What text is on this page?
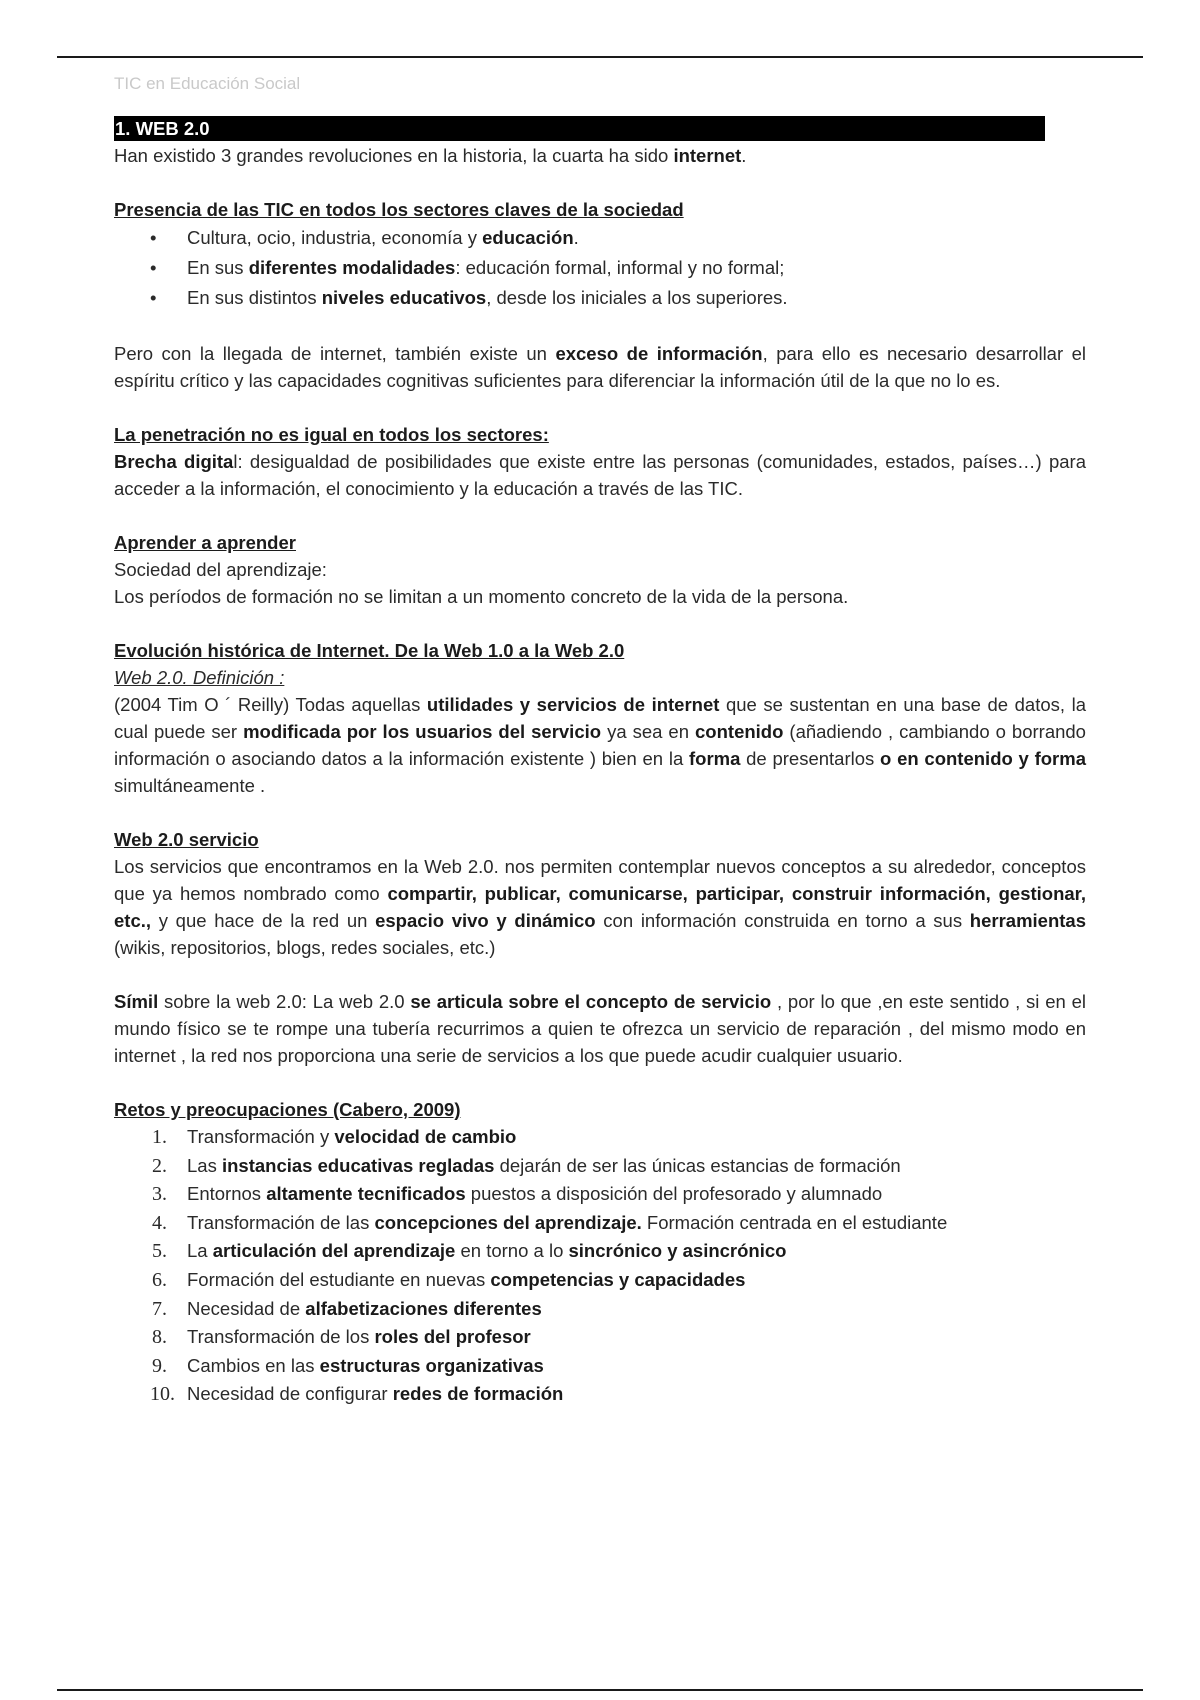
TIC en Educación Social
1. WEB 2.0

Han existido 3 grandes revoluciones en la historia, la cuarta ha sido internet.

Presencia de las TIC en todos los sectores claves de la sociedad

• Cultura, ocio, industria, economía y educación.
• En sus diferentes modalidades: educación formal, informal y no formal;
• En sus distintos niveles educativos, desde los iniciales a los superiores.

Pero con la llegada de internet, también existe un exceso de información, para ello es necesario desarrollar el espíritu crítico y las capacidades cognitivas suficientes para diferenciar la información útil de la que no lo es.

La penetración no es igual en todos los sectores:

Brecha digital: desigualdad de posibilidades que existe entre las personas (comunidades, estados, países…) para acceder a la información, el conocimiento y la educación a través de las TIC.

Aprender a aprender

Sociedad del aprendizaje:

Los períodos de formación no se limitan a un momento concreto de la vida de la persona.

Evolución histórica de Internet. De la Web 1.0 a la Web 2.0

Web 2.0. Definición :

(2004 Tim O ´ Reilly) Todas aquellas utilidades y servicios de internet que se sustentan en una base de datos, la cual puede ser modificada por los usuarios del servicio ya sea en contenido (añadiendo , cambiando o borrando información o asociando datos a la información existente ) bien en la forma de presentarlos o en contenido y forma simultáneamente .

Web 2.0 servicio

Los servicios que encontramos en la Web 2.0. nos permiten contemplar nuevos conceptos a su alrededor, conceptos que ya hemos nombrado como compartir, publicar, comunicarse, participar, construir información, gestionar, etc., y que hace de la red un espacio vivo y dinámico con información construida en torno a sus herramientas (wikis, repositorios, blogs, redes sociales, etc.)

Símil sobre la web 2.0: La web 2.0 se articula sobre el concepto de servicio , por lo que ,en este sentido , si en el mundo físico se te rompe una tubería recurrimos a quien te ofrezca un servicio de reparación , del mismo modo en internet , la red nos proporciona una serie de servicios a los que puede acudir cualquier usuario.

Retos y preocupaciones (Cabero, 2009)

1. Transformación y velocidad de cambio
2. Las instancias educativas regladas dejarán de ser las únicas estancias de formación
3. Entornos altamente tecnificados puestos a disposición del profesorado y alumnado
4. Transformación de las concepciones del aprendizaje. Formación centrada en el estudiante
5. La articulación del aprendizaje en torno a lo sincrónico y asincrónico
6. Formación del estudiante en nuevas competencias y capacidades
7. Necesidad de alfabetizaciones diferentes
8. Transformación de los roles del profesor
9. Cambios en las estructuras organizativas
10. Necesidad de configurar redes de formación
